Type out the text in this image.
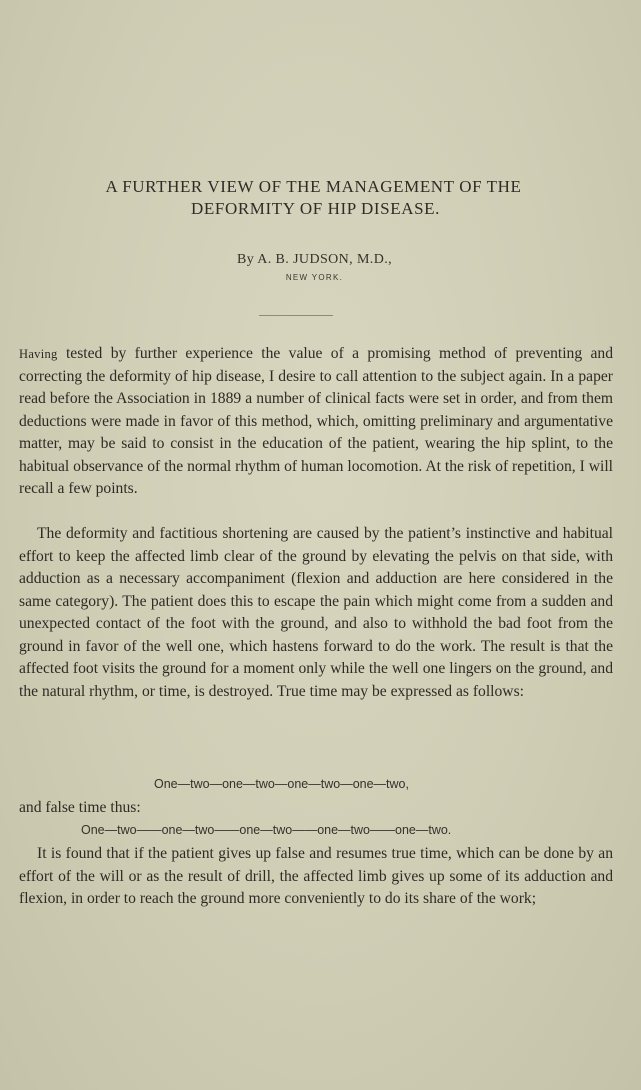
A FURTHER VIEW OF THE MANAGEMENT OF THE
DEFORMITY OF HIP DISEASE.
By A. B. JUDSON, M.D.,
NEW YORK.

Having tested by further experience the value of a promising method of preventing and correcting the deformity of hip disease, I desire to call attention to the subject again. In a paper read before the Association in 1889 a number of clinical facts were set in order, and from them deductions were made in favor of this method, which, omitting preliminary and argumentative matter, may be said to consist in the education of the patient, wearing the hip splint, to the habitual observance of the normal rhythm of human locomotion. At the risk of repetition, I will recall a few points.

The deformity and factitious shortening are caused by the patient’s instinctive and habitual effort to keep the affected limb clear of the ground by elevating the pelvis on that side, with adduction as a necessary accompaniment (flexion and adduction are here considered in the same category). The patient does this to escape the pain which might come from a sudden and unexpected contact of the foot with the ground, and also to withhold the bad foot from the ground in favor of the well one, which hastens forward to do the work. The result is that the affected foot visits the ground for a moment only while the well one lingers on the ground, and the natural rhythm, or time, is destroyed. True time may be expressed as follows:

One—two—one—two—one—two—one—two,
and false time thus:
One—two——one—two——one—two——one—two——one—two.

It is found that if the patient gives up false and resumes true time, which can be done by an effort of the will or as the result of drill, the affected limb gives up some of its adduction and flexion, in order to reach the ground more conveniently to do its share of the work;
